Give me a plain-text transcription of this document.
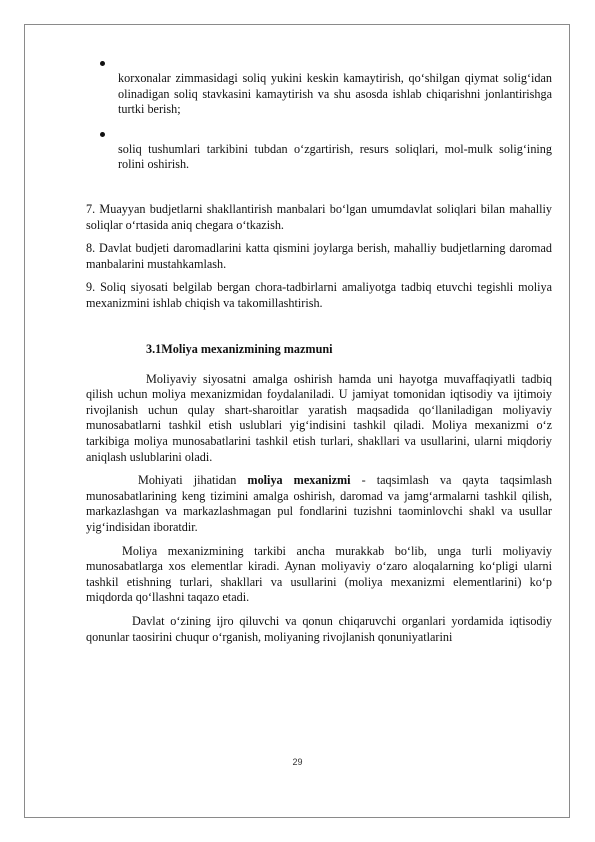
korxonalar zimmasidagi soliq yukini keskin kamaytirish, qo‘shilgan qiymat solig‘idan olinadigan soliq stavkasini kamaytirish va shu asosda ishlab chiqarishni jonlantirishga turtki berish;
soliq tushumlari tarkibini tubdan o‘zgartirish, resurs soliqlari, mol-mulk solig‘ining rolini oshirish.

7. Muayyan budjetlarni shakllantirish manbalari bo‘lgan umumdavlat soliqlari bilan mahalliy soliqlar o‘rtasida aniq chegara o‘tkazish.

8. Davlat budjeti daromadlarini katta qismini joylarga berish, mahalliy budjetlarning daromad manbalarini mustahkamlash.

9. Soliq siyosati belgilab bergan chora-tadbirlarni amaliyotga tadbiq etuvchi tegishli moliya mexanizmini ishlab chiqish va takomillashtirish.

3.1Moliya mexanizmining mazmuni

Moliyaviy siyosatni amalga oshirish hamda uni hayotga muvaffaqiyatli tadbiq qilish uchun moliya mexanizmidan foydalaniladi. U jamiyat tomonidan iqtisodiy va ijtimoiy rivojlanish uchun qulay shart-sharoitlar yaratish maqsadida qo‘llaniladigan moliyaviy munosabatlarni tashkil etish uslublari yig‘indisini tashkil qiladi. Moliya mexanizmi o‘z tarkibiga moliya munosabatlarini tashkil etish turlari, shakllari va usullarini, ularni miqdoriy aniqlash uslublarini oladi.

Mohiyati jihatidan moliya mexanizmi - taqsimlash va qayta taqsimlash munosabatlarining keng tizimini amalga oshirish, daromad va jamg‘armalarni tashkil qilish, markazlashgan va markazlashmagan pul fondlarini tuzishni taominlovchi shakl va usullar yig‘indisidan iboratdir.

Moliya mexanizmining tarkibi ancha murakkab bo‘lib, unga turli moliyaviy munosabatlarga xos elementlar kiradi. Aynan moliyaviy o‘zaro aloqalarning ko‘pligi ularni tashkil etishning turlari, shakllari va usullarini (moliya mexanizmi elementlarini) ko‘p miqdorda qo‘llashni taqazo etadi.

Davlat o‘zining ijro qiluvchi va qonun chiqaruvchi organlari yordamida iqtisodiy qonunlar taosirini chuqur o‘rganish, moliyaning rivojlanish qonuniyatlarini

29
